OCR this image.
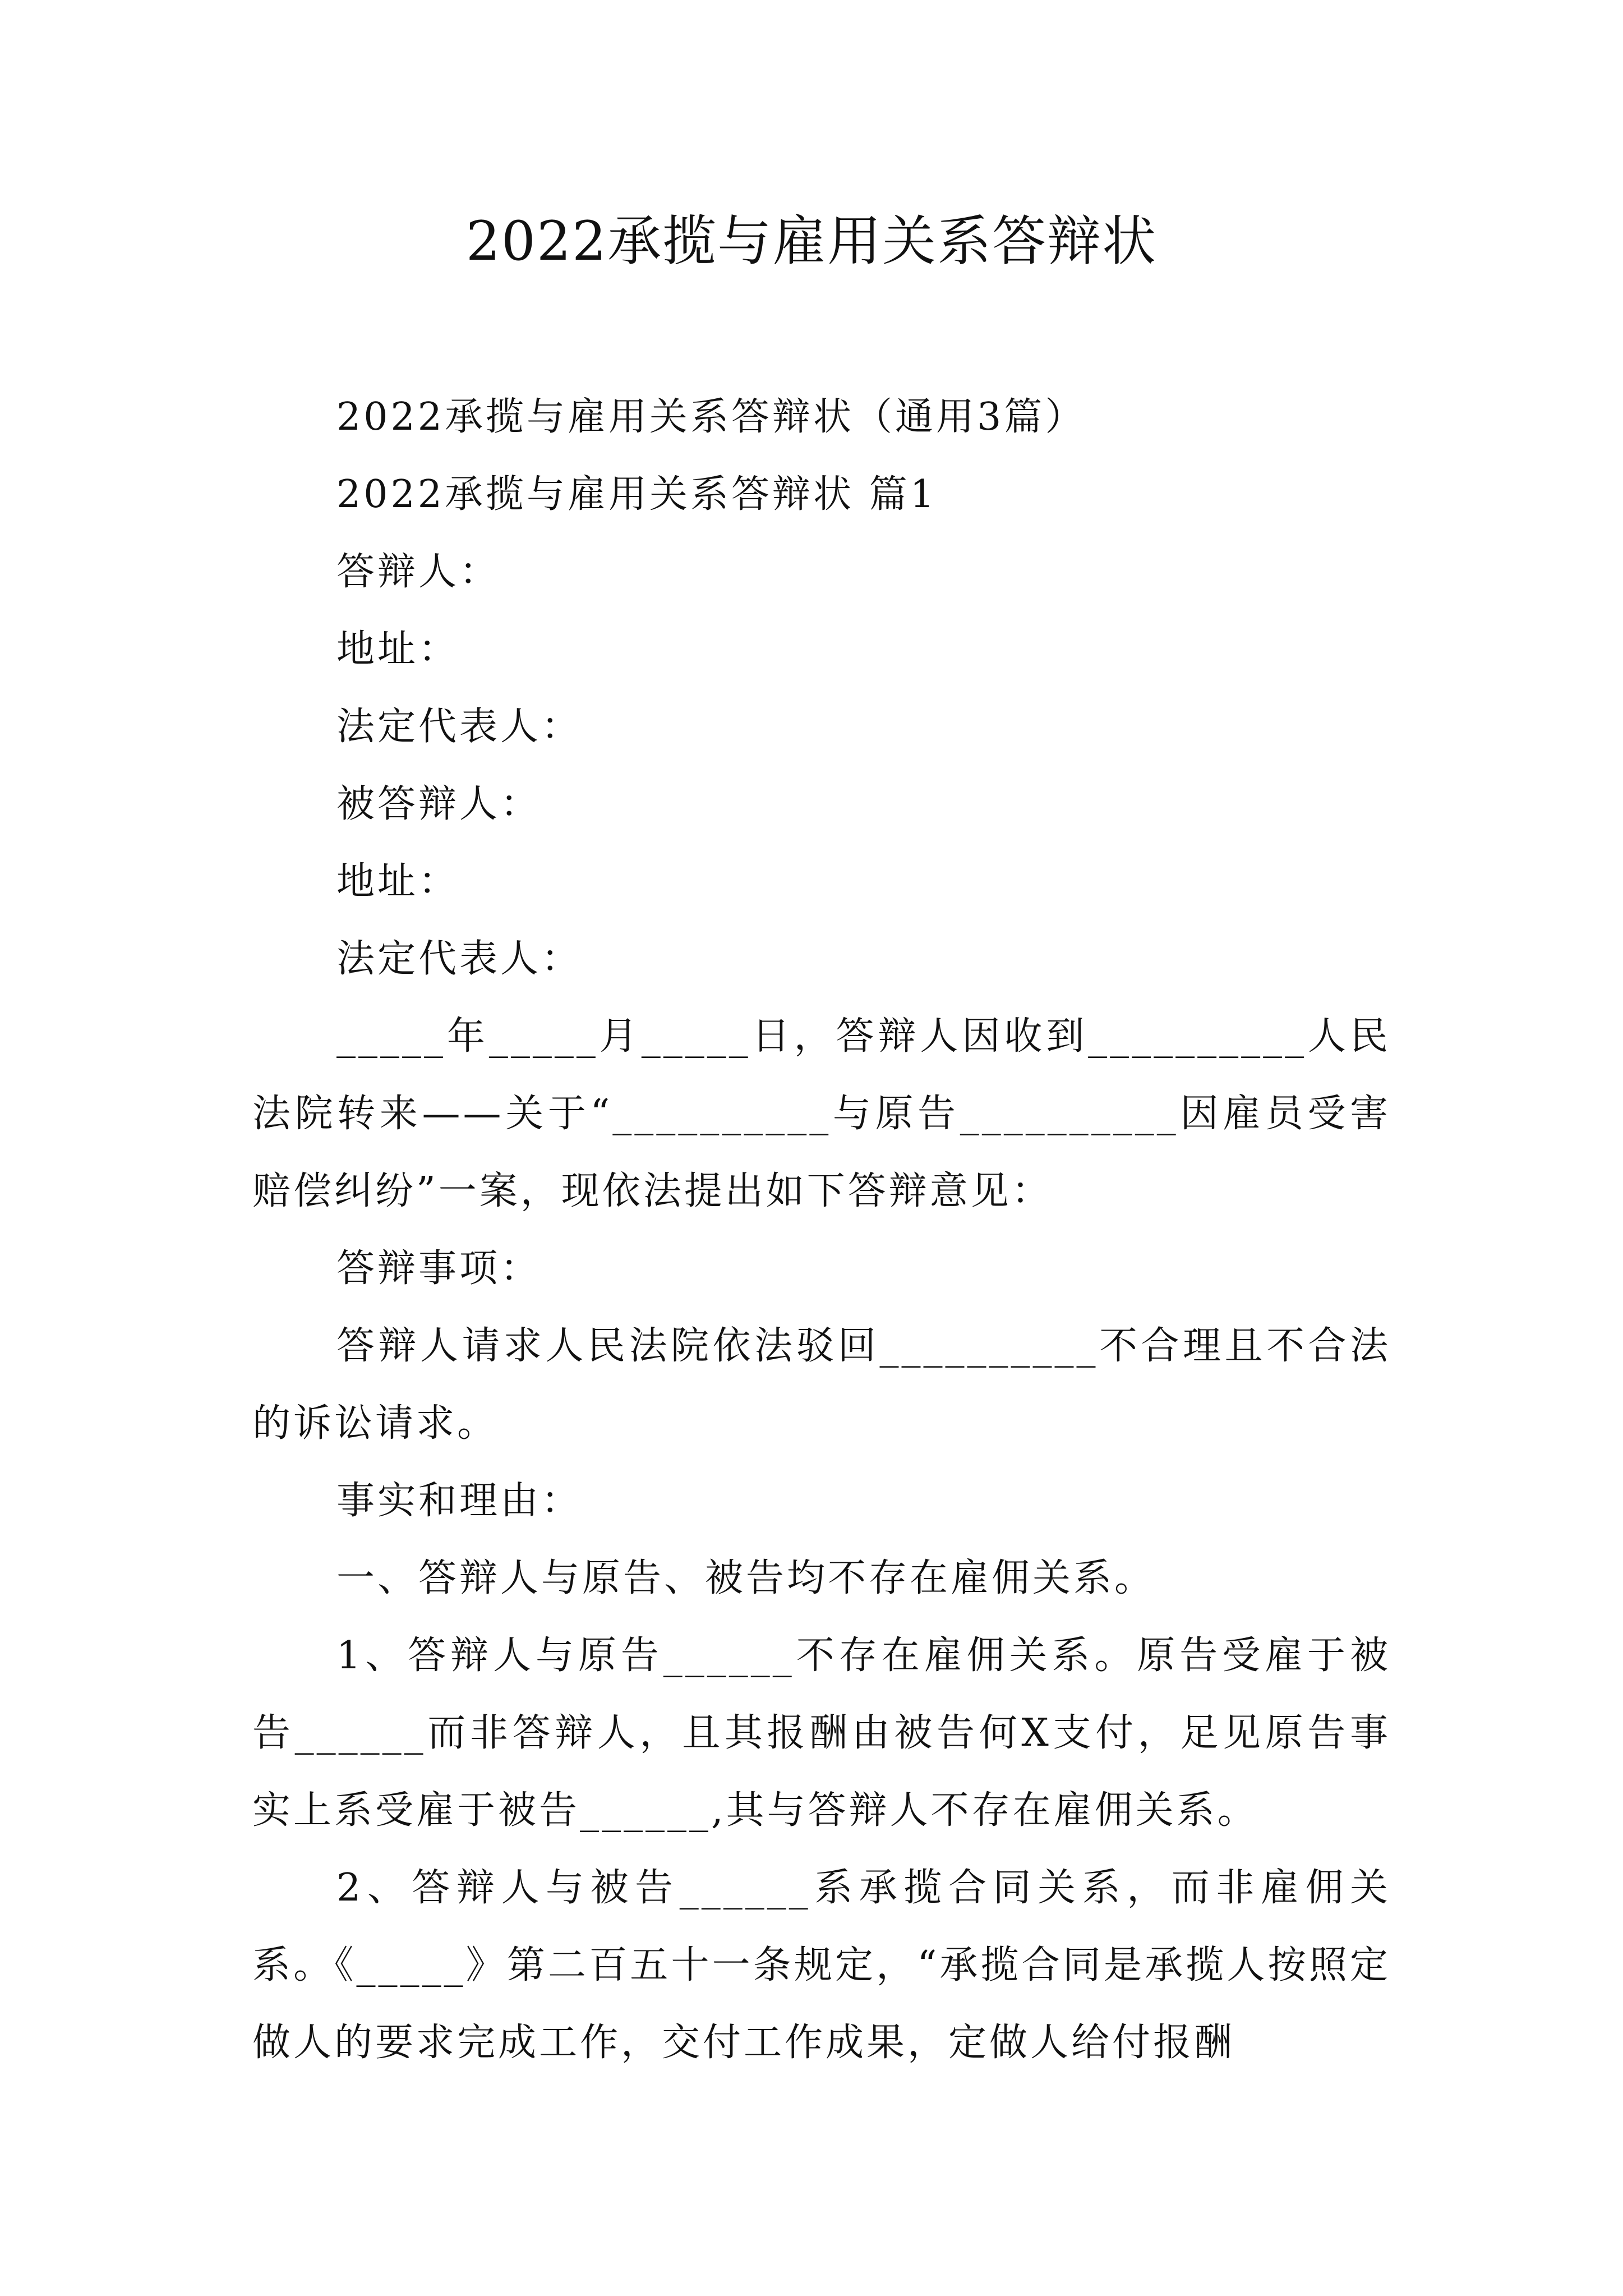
2022承揽与雇用关系答辩状

2022承揽与雇用关系答辩状（通用3篇）

2022承揽与雇用关系答辩状 篇1

答辩人：

地址：

法定代表人：

被答辩人：

地址：

法定代表人：

_____年_____月_____日，答辩人因收到__________人民法院转来——关于“__________与原告__________因雇员受害赔偿纠纷”一案，现依法提出如下答辩意见：

答辩事项：

答辩人请求人民法院依法驳回__________不合理且不合法的诉讼请求。

事实和理由：

一、答辩人与原告、被告均不存在雇佣关系。

1、答辩人与原告______不存在雇佣关系。原告受雇于被告______而非答辩人，且其报酬由被告何X支付，足见原告事实上系受雇于被告______,其与答辩人不存在雇佣关系。

2、答辩人与被告______系承揽合同关系，而非雇佣关系。《_____》第二百五十一条规定，“承揽合同是承揽人按照定做人的要求完成工作，交付工作成果，定做人给付报酬
